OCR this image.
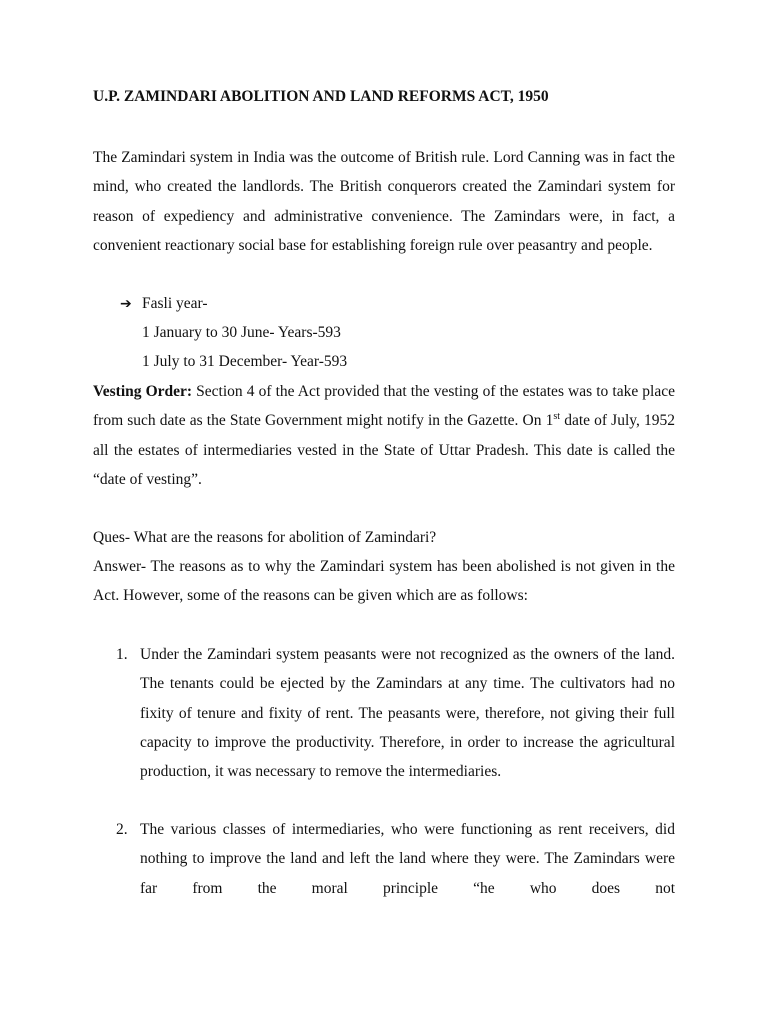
U.P. ZAMINDARI ABOLITION AND LAND REFORMS ACT, 1950

The Zamindari system in India was the outcome of British rule. Lord Canning was in fact the mind, who created the landlords. The British conquerors created the Zamindari system for reason of expediency and administrative convenience. The Zamindars were, in fact, a convenient reactionary social base for establishing foreign rule over peasantry and people.

➔ Fasli year-
1 January to 30 June- Years-593
1 July to 31 December- Year-593

Vesting Order: Section 4 of the Act provided that the vesting of the estates was to take place from such date as the State Government might notify in the Gazette. On 1st date of July, 1952 all the estates of intermediaries vested in the State of Uttar Pradesh. This date is called the “date of vesting”.

Ques- What are the reasons for abolition of Zamindari?

Answer- The reasons as to why the Zamindari system has been abolished is not given in the Act. However, some of the reasons can be given which are as follows:

1. Under the Zamindari system peasants were not recognized as the owners of the land. The tenants could be ejected by the Zamindars at any time. The cultivators had no fixity of tenure and fixity of rent. The peasants were, therefore, not giving their full capacity to improve the productivity. Therefore, in order to increase the agricultural production, it was necessary to remove the intermediaries.
2. The various classes of intermediaries, who were functioning as rent receivers, did nothing to improve the land and left the land where they were. The Zamindars were far from the moral principle “he who does not
